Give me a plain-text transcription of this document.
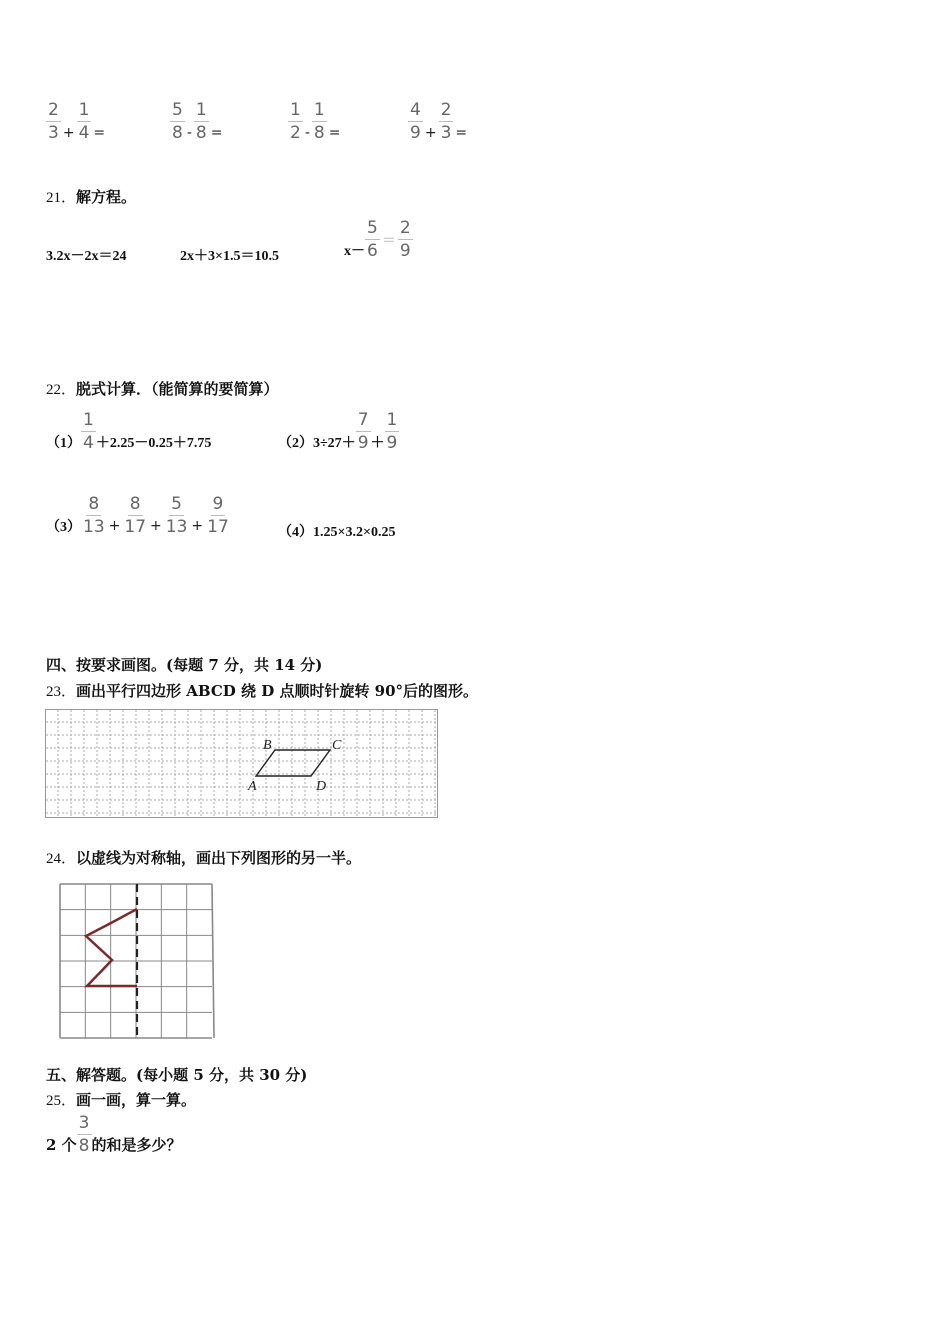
$\frac{2}{3} + \frac{1}{4}$ =	$\frac{5}{8} - \frac{1}{8}$ =	$\frac{1}{2} - \frac{1}{8}$ =	$\frac{4}{9} + \frac{2}{3}$ =
21．解方程。
3.2x－2x＝24	2x＋3×1.5＝10.5	$x- \frac{5}{6} = \frac{2}{9}$
22．脱式计算．（能简算的要简算）
$(1) \frac{1}{4} +2.25-0.25+7.75$	$(2)3\div 27+ \frac{7}{9} + \frac{1}{9}$
$(3) \frac{8}{13} + \frac{8}{17} + \frac{5}{13} + \frac{9}{17}$	（4）1.25×3.2×0.25
四、按要求画图。(每题 7 分，共 14 分)
23．画出平行四边形 ABCD 绕 D 点顺时针旋转 90°后的图形。
B	C
A	D
24．以虚线为对称轴，画出下列图形的另一半。
五、解答题。(每小题 5 分，共 30 分)
25．画一画，算一算。
2 个 $\frac{3}{8}$ 的和是多少？
